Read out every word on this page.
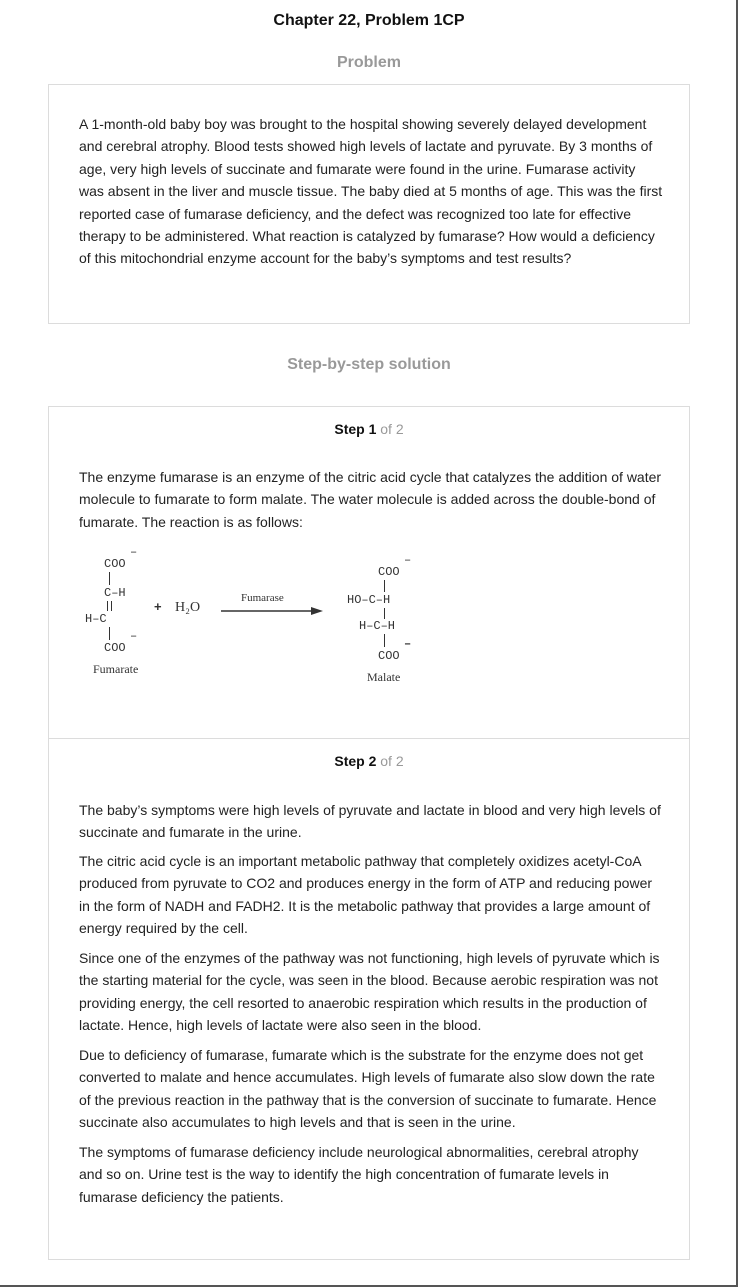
Chapter 22, Problem 1CP
Problem

A 1-month-old baby boy was brought to the hospital showing severely delayed development and cerebral atrophy. Blood tests showed high levels of lactate and pyruvate. By 3 months of age, very high levels of succinate and fumarate were found in the urine. Fumarase activity was absent in the liver and muscle tissue. The baby died at 5 months of age. This was the first reported case of fumarase deficiency, and the defect was recognized too late for effective therapy to be administered. What reaction is catalyzed by fumarase? How would a deficiency of this mitochondrial enzyme account for the baby’s symptoms and test results?

Step-by-step solution
Step 1 of 2

The enzyme fumarase is an enzyme of the citric acid cycle that catalyzes the addition of water molecule to fumarate to form malate. The water molecule is added across the double-bond of fumarate. The reaction is as follows:

COO
–
C–H
H–C
COO
–
Fumarate
+ H₂O
Fumarase
COO
–
HO–C–H
H–C–H
COO
–
Malate
Step 2 of 2

The baby’s symptoms were high levels of pyruvate and lactate in blood and very high levels of succinate and fumarate in the urine.

The citric acid cycle is an important metabolic pathway that completely oxidizes acetyl-CoA produced from pyruvate to CO2 and produces energy in the form of ATP and reducing power in the form of NADH and FADH2. It is the metabolic pathway that provides a large amount of energy required by the cell.

Since one of the enzymes of the pathway was not functioning, high levels of pyruvate which is the starting material for the cycle, was seen in the blood. Because aerobic respiration was not providing energy, the cell resorted to anaerobic respiration which results in the production of lactate. Hence, high levels of lactate were also seen in the blood.

Due to deficiency of fumarase, fumarate which is the substrate for the enzyme does not get converted to malate and hence accumulates. High levels of fumarate also slow down the rate of the previous reaction in the pathway that is the conversion of succinate to fumarate. Hence succinate also accumulates to high levels and that is seen in the urine.

The symptoms of fumarase deficiency include neurological abnormalities, cerebral atrophy and so on. Urine test is the way to identify the high concentration of fumarate levels in fumarase deficiency the patients.
